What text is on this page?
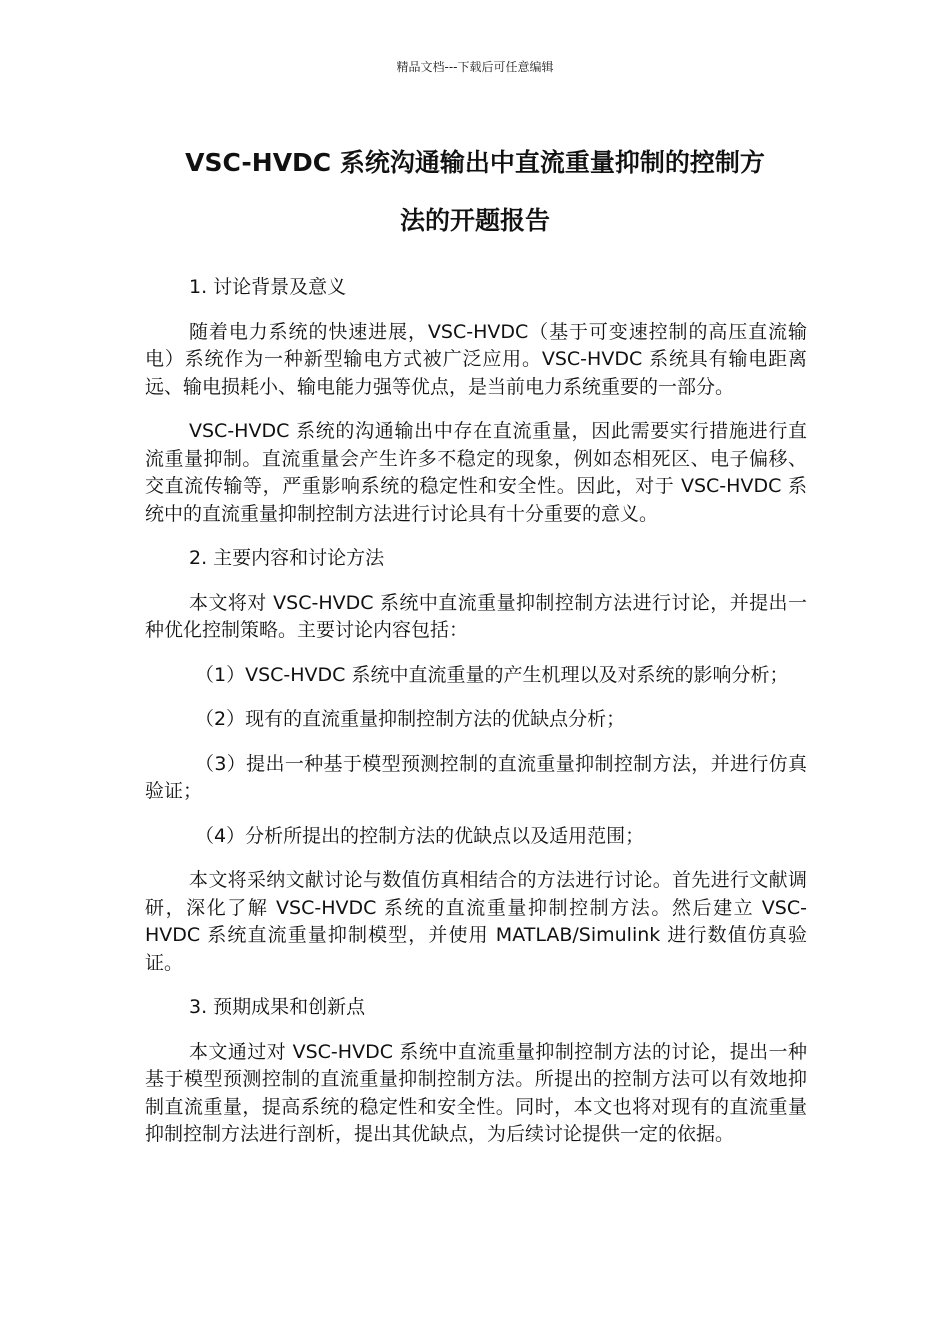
精品文档---下载后可任意编辑
VSC-HVDC 系统沟通输出中直流重量抑制的控制方
法的开题报告

1. 讨论背景及意义

随着电力系统的快速进展，VSC-HVDC（基于可变速控制的高压直流输电）系统作为一种新型输电方式被广泛应用。VSC-HVDC 系统具有输电距离远、输电损耗小、输电能力强等优点，是当前电力系统重要的一部分。

VSC-HVDC 系统的沟通输出中存在直流重量，因此需要实行措施进行直流重量抑制。直流重量会产生许多不稳定的现象，例如态相死区、电子偏移、交直流传输等，严重影响系统的稳定性和安全性。因此，对于 VSC-HVDC 系统中的直流重量抑制控制方法进行讨论具有十分重要的意义。

2. 主要内容和讨论方法

本文将对 VSC-HVDC 系统中直流重量抑制控制方法进行讨论，并提出一种优化控制策略。主要讨论内容包括：

（1）VSC-HVDC 系统中直流重量的产生机理以及对系统的影响分析；

（2）现有的直流重量抑制控制方法的优缺点分析；

（3）提出一种基于模型预测控制的直流重量抑制控制方法，并进行仿真验证；

（4）分析所提出的控制方法的优缺点以及适用范围；

本文将采纳文献讨论与数值仿真相结合的方法进行讨论。首先进行文献调研，深化了解 VSC-HVDC 系统的直流重量抑制控制方法。然后建立 VSC-HVDC 系统直流重量抑制模型，并使用 MATLAB/Simulink 进行数值仿真验证。

3. 预期成果和创新点

本文通过对 VSC-HVDC 系统中直流重量抑制控制方法的讨论，提出一种基于模型预测控制的直流重量抑制控制方法。所提出的控制方法可以有效地抑制直流重量，提高系统的稳定性和安全性。同时，本文也将对现有的直流重量抑制控制方法进行剖析，提出其优缺点，为后续讨论提供一定的依据。
